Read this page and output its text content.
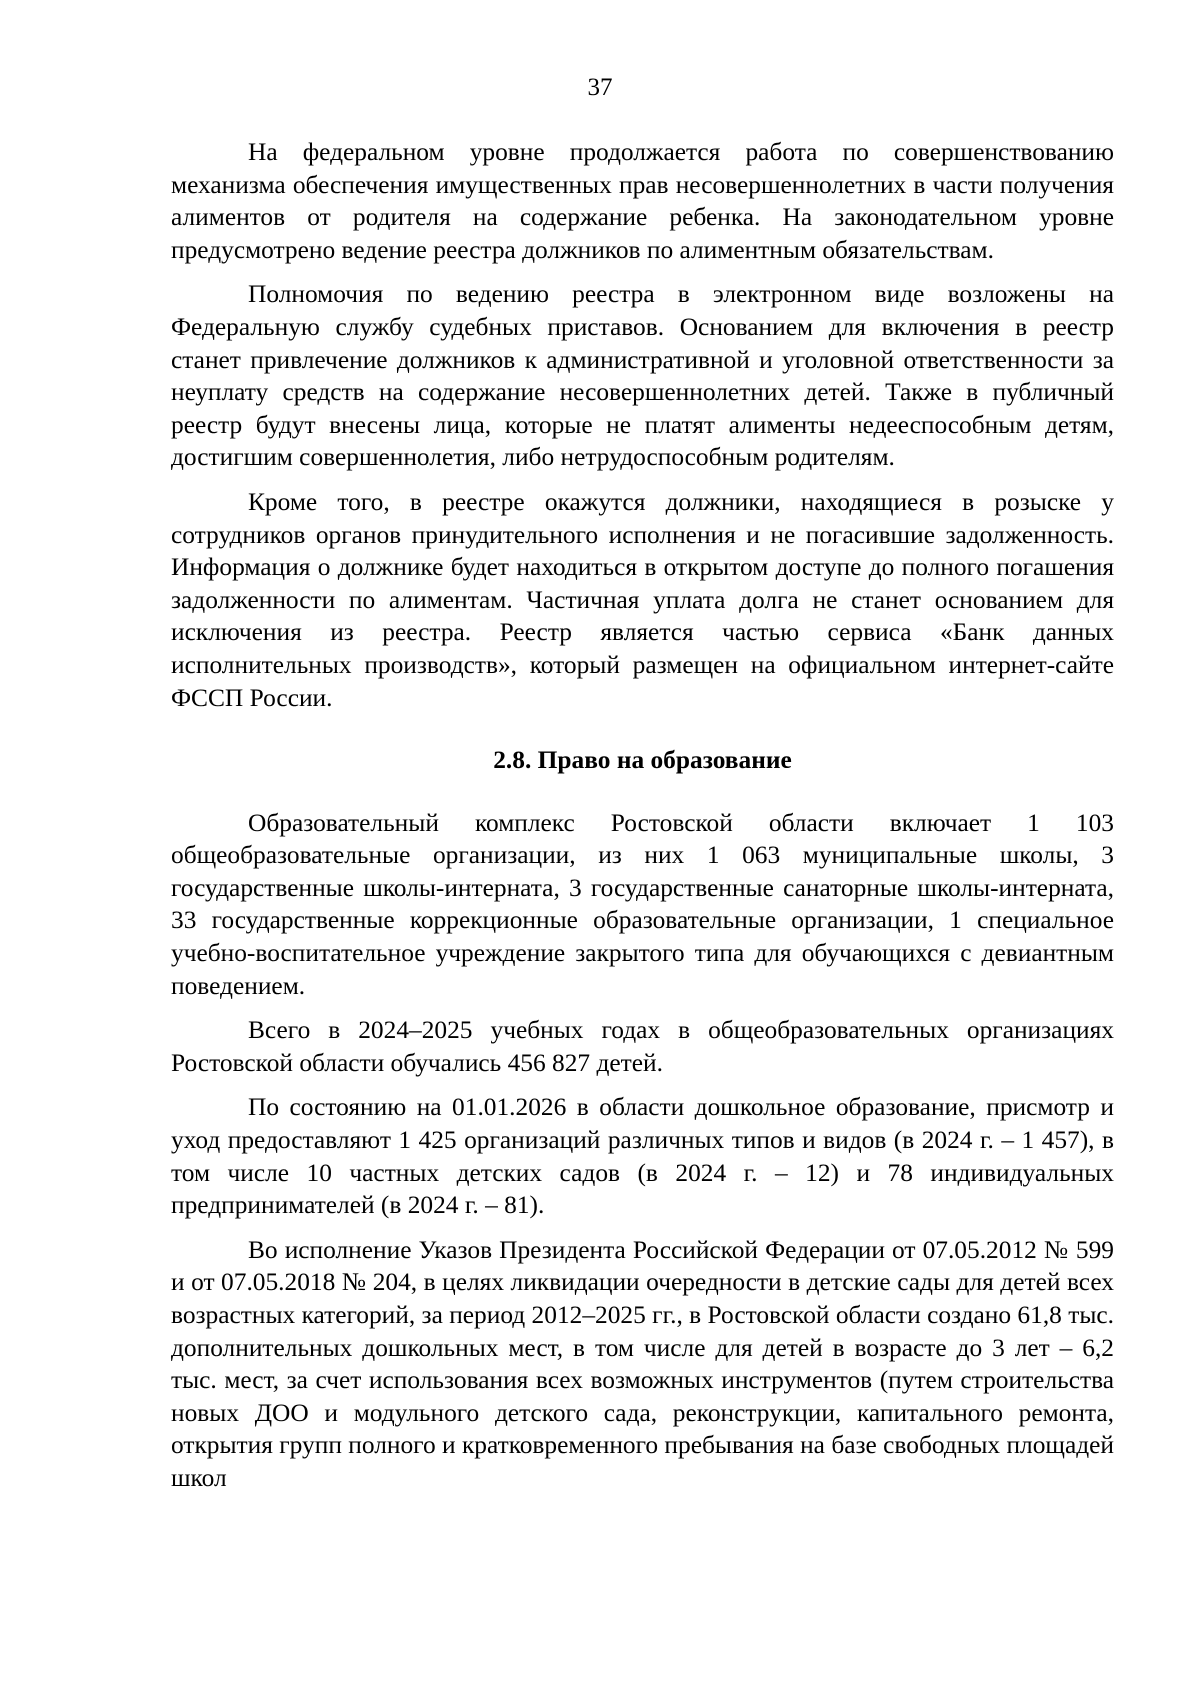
37

На федеральном уровне продолжается работа по совершенствованию механизма обеспечения имущественных прав несовершеннолетних в части получения алиментов от родителя на содержание ребенка. На законодательном уровне предусмотрено ведение реестра должников по алиментным обязательствам.

Полномочия по ведению реестра в электронном виде возложены на Федеральную службу судебных приставов. Основанием для включения в реестр станет привлечение должников к административной и уголовной ответственности за неуплату средств на содержание несовершеннолетних детей. Также в публичный реестр будут внесены лица, которые не платят алименты недееспособным детям, достигшим совершеннолетия, либо нетрудоспособным родителям.

Кроме того, в реестре окажутся должники, находящиеся в розыске у сотрудников органов принудительного исполнения и не погасившие задолженность. Информация о должнике будет находиться в открытом доступе до полного погашения задолженности по алиментам. Частичная уплата долга не станет основанием для исключения из реестра. Реестр является частью сервиса «Банк данных исполнительных производств», который размещен на официальном интернет-сайте ФССП России.

2.8. Право на образование

Образовательный комплекс Ростовской области включает 1 103 общеобразовательные организации, из них 1 063 муниципальные школы, 3 государственные школы-интерната, 3 государственные санаторные школы-интерната, 33 государственные коррекционные образовательные организации, 1 специальное учебно-воспитательное учреждение закрытого типа для обучающихся с девиантным поведением.

Всего в 2024–2025 учебных годах в общеобразовательных организациях Ростовской области обучались 456 827 детей.

По состоянию на 01.01.2026 в области дошкольное образование, присмотр и уход предоставляют 1 425 организаций различных типов и видов (в 2024 г. – 1 457), в том числе 10 частных детских садов (в 2024 г. – 12) и 78 индивидуальных предпринимателей (в 2024 г. – 81).

Во исполнение Указов Президента Российской Федерации от 07.05.2012 № 599 и от 07.05.2018 № 204, в целях ликвидации очередности в детские сады для детей всех возрастных категорий, за период 2012–2025 гг., в Ростовской области создано 61,8 тыс. дополнительных дошкольных мест, в том числе для детей в возрасте до 3 лет – 6,2 тыс. мест, за счет использования всех возможных инструментов (путем строительства новых ДОО и модульного детского сада, реконструкции, капитального ремонта, открытия групп полного и кратковременного пребывания на базе свободных площадей школ
